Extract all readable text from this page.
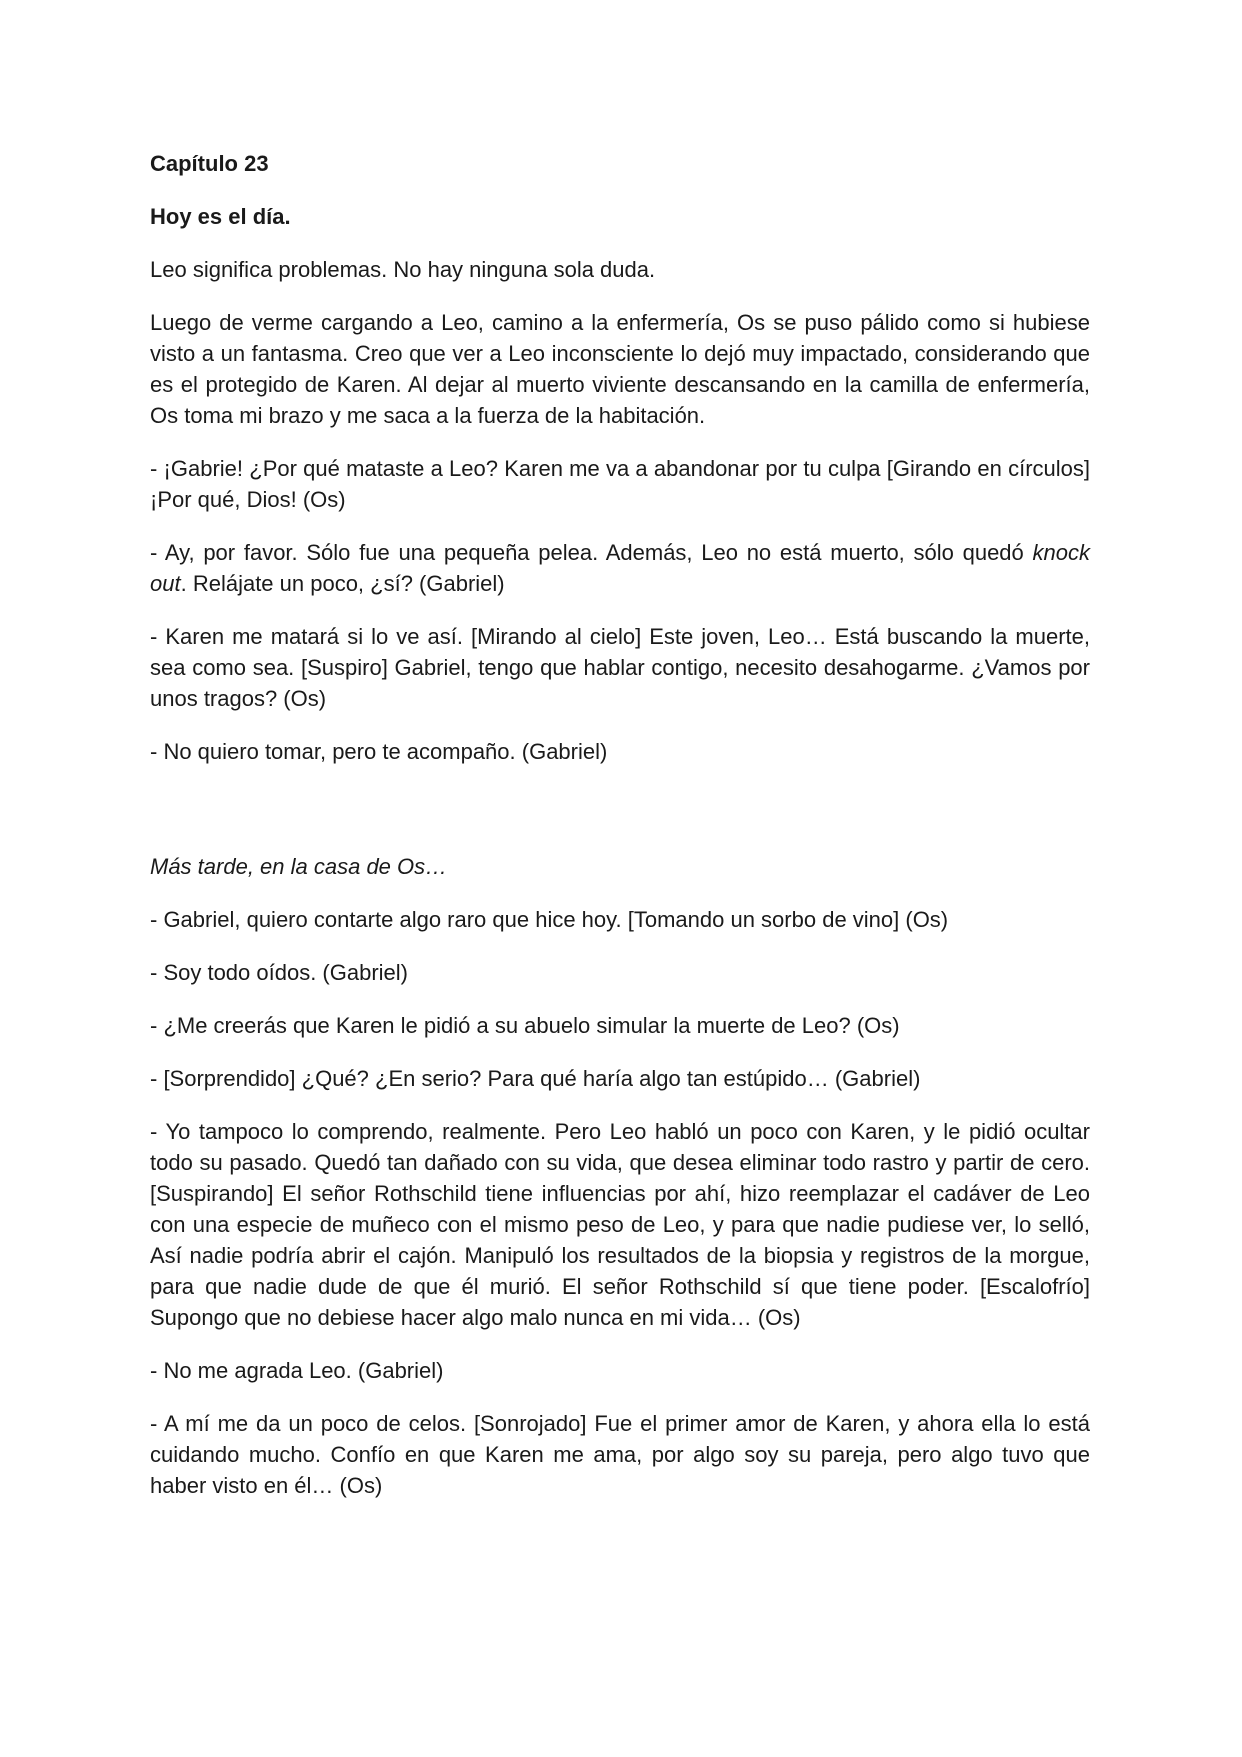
Capítulo 23

Hoy es el día.

Leo significa problemas. No hay ninguna sola duda.

Luego de verme cargando a Leo, camino a la enfermería, Os se puso pálido como si hubiese visto a un fantasma. Creo que ver a Leo inconsciente lo dejó muy impactado, considerando que es el protegido de Karen. Al dejar al muerto viviente descansando en la camilla de enfermería, Os toma mi brazo y me saca a la fuerza de la habitación.

- ¡Gabrie! ¿Por qué mataste a Leo? Karen me va a abandonar por tu culpa [Girando en círculos] ¡Por qué, Dios! (Os)

- Ay, por favor. Sólo fue una pequeña pelea. Además, Leo no está muerto, sólo quedó knock out. Relájate un poco, ¿sí? (Gabriel)

- Karen me matará si lo ve así. [Mirando al cielo] Este joven, Leo… Está buscando la muerte, sea como sea. [Suspiro] Gabriel, tengo que hablar contigo, necesito desahogarme. ¿Vamos por unos tragos? (Os)

- No quiero tomar, pero te acompaño. (Gabriel)

Más tarde, en la casa de Os…

- Gabriel, quiero contarte algo raro que hice hoy. [Tomando un sorbo de vino] (Os)

- Soy todo oídos. (Gabriel)

- ¿Me creerás que Karen le pidió a su abuelo simular la muerte de Leo? (Os)

- [Sorprendido] ¿Qué? ¿En serio? Para qué haría algo tan estúpido… (Gabriel)

- Yo tampoco lo comprendo, realmente. Pero Leo habló un poco con Karen, y le pidió ocultar todo su pasado. Quedó tan dañado con su vida, que desea eliminar todo rastro y partir de cero. [Suspirando] El señor Rothschild tiene influencias por ahí, hizo reemplazar el cadáver de Leo con una especie de muñeco con el mismo peso de Leo, y para que nadie pudiese ver, lo selló, Así nadie podría abrir el cajón. Manipuló los resultados de la biopsia y registros de la morgue, para que nadie dude de que él murió. El señor Rothschild sí que tiene poder. [Escalofrío] Supongo que no debiese hacer algo malo nunca en mi vida… (Os)

- No me agrada Leo. (Gabriel)

- A mí me da un poco de celos. [Sonrojado] Fue el primer amor de Karen, y ahora ella lo está cuidando mucho. Confío en que Karen me ama, por algo soy su pareja, pero algo tuvo que haber visto en él… (Os)
